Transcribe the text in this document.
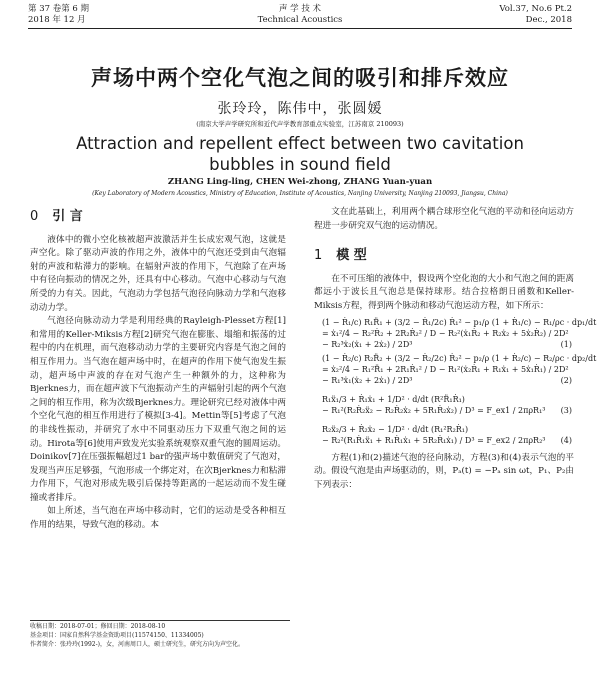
第 37 卷第 6 期
2018 年 12 月
声 学 技 术
Technical Acoustics
Vol.37, No.6 Pt.2
Dec., 2018
声场中两个空化气泡之间的吸引和排斥效应
张玲玲，陈伟中，张圆媛
(南京大学声学研究所和近代声学教育部重点实验室，江苏南京 210093)
Attraction and repellent effect between two cavitation bubbles in sound field
ZHANG Ling-ling, CHEN Wei-zhong, ZHANG Yuan-yuan
(Key Laboratory of Modern Acoustics, Ministry of Education, Institute of Acoustics, Nanjing University, Nanjing 210093, Jiangsu, China)
0 引 言

液体中的微小空化核被超声波激活并生长成宏观气泡，这就是声空化。除了驱动声波的作用之外，液体中的气泡还受到由气泡辐射的声波和粘滞力的影响。在辐射声波的作用下，气泡除了在声场中有径向振动的情况之外，还具有中心移动。气泡中心移动与气泡所受的力有关。因此，气泡动力学包括气泡径向脉动力学和气泡移动动力学。

气泡径向脉动动力学是利用经典的Rayleigh-Plesset方程[1]和常用的Keller-Miksis方程[2]研究气泡在膨胀、塌缩和振荡的过程中的内在机理，而气泡移动动力学的主要研究内容是气泡之间的相互作用力。当气泡在超声场中时，在超声的作用下使气泡发生振动，超声场中声波的存在对气泡产生一种额外的力，这种称为Bjerknes力，而在超声波下气泡振动产生的声辐射引起的两个气泡之间的相互作用，称为次级Bjerknes力。理论研究已经对液体中两个空化气泡的相互作用进行了模拟[3-4]。Mettin等[5]考虑了气泡的非线性振动，并研究了水中不同驱动压力下双重气泡之间的运动。Hirota等[6]使用声致发光实验系统观察双重气泡的圆周运动。Doinikov[7]在压强振幅超过1 bar的强声场中数值研究了气泡对，发现当声压足够强，气泡形成一个绑定对，在次Bjerknes力和粘滞力作用下，气泡对形成先吸引后保持等距离的一起运动而不发生碰撞或者排斥。

如上所述，当气泡在声场中移动时，它们的运动是受各种相互作用的结果，导致气泡的移动。本

文在此基础上，利用两个耦合球形空化气泡的平动和径向运动方程进一步研究双气泡的运动情况。

1 模 型

在不可压缩的液体中，假设两个空化泡的大小和气泡之间的距离都远小于波长且气泡总是保持球形。结合拉格朗日函数和Keller-Miksis方程，得到两个脉动和移动气泡运动方程，如下所示：

(1 − Ṙ₁/c) R₁R̈₁ + (3/2 − Ṙ₁/2c) Ṙ₁² − p₁/ρ (1 + Ṙ₁/c) − R₁/ρc · dp₁/dt
= ẋ₁²/4 − R₂²Ṙ₂ + 2R₂Ṙ₂² / D − R₂²(ẋ₁Ṙ₂ + R₂ẋ₂ + 5ẋ₂Ṙ₂) / 2D²
− R₂³ẋ₂(ẋ₁ + 2ẋ₂) / 2D³	(1)
(1 − Ṙ₂/c) R₂R̈₂ + (3/2 − Ṙ₂/2c) Ṙ₂² − p₂/ρ (1 + Ṙ₂/c) − R₂/ρc · dp₂/dt
= ẋ₂²/4 − R₁²R̈₁ + 2R₁Ṙ₁² / D − R₁²(ẋ₂Ṙ₁ + R₁ẋ₁ + 5ẋ₁Ṙ₁) / 2D²
− R₁³ẋ₁(ẋ₂ + 2ẋ₁) / 2D³	(2)
R₁ẍ₁/3 + Ṙ₁ẋ₁ + 1/D² · d/dt (R²R̈₁Ṙ₁)
− R₁²(R₂Ṙ₂ẍ₂ − R₂Ṙ₂ẋ₂ + 5R₁Ṙ₂ẋ₂) / D³ = F_ex1 / 2πρR₁³	(3)
R₂ẍ₂/3 + Ṙ₂ẋ₂ − 1/D² · d/dt (R₁²R₂Ṙ₁)
− R₂²(R₁Ṙ₁ẍ₁ + R₁Ṙ₁ẋ₁ + 5R₂Ṙ₁ẋ₁) / D³ = F_ex2 / 2πρR₂³	(4)

方程(1)和(2)描述气泡的径向脉动，方程(3)和(4)表示气泡的平动。假设气泡是由声场驱动的，则，Pₐ(t) = −Pₐ sin ωt，P₁、P₂由下列表示：

收稿日期：2018-07-01；修回日期：2018-08-10
基金项目：国家自然科学基金资助项目(11574150、11334005)
作者简介：张玲玲(1992-)，女，河南周口人，硕士研究生，研究方向为声空化。
